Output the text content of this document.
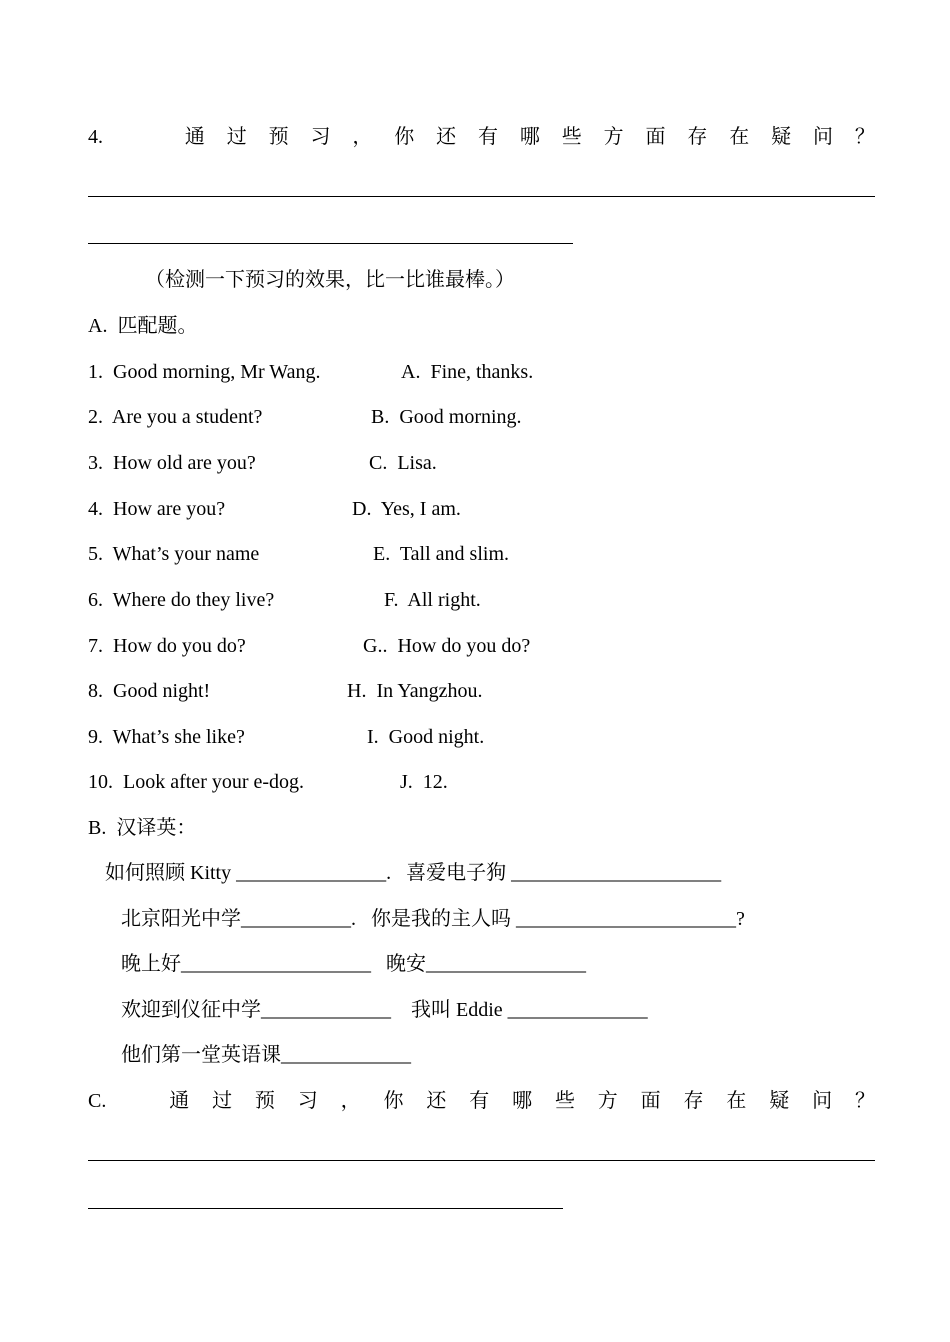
4.	通 过 预 习 ， 你 还 有 哪 些 方 面 存 在 疑 问 ？
（检测一下预习的效果，比一比谁最棒。）
A.  匹配题。
1.  Good morning, Mr Wang.	A.  Fine, thanks.
2.  Are you a student?	B.  Good morning.
3.  How old are you?	C.  Lisa.
4.  How are you?	D.  Yes, I am.
5.  What’s your name	E.  Tall and slim.
6.  Where do they live?	F.  All right.
7.  How do you do?	G..  How do you do?
8.  Good night!	H.  In Yangzhou.
9.  What’s she like?	I.  Good night.
10.  Look after your e-dog.	J.  12.
B.  汉译英：
如何照顾 Kitty _______________.   喜爱电子狗 _____________________
北京阳光中学___________.   你是我的主人吗 ______________________?
晚上好___________________   晚安________________
欢迎到仪征中学_____________    我叫 Eddie ______________
他们第一堂英语课_____________
C.	通 过 预 习 ， 你 还 有 哪 些 方 面 存 在 疑 问 ？
